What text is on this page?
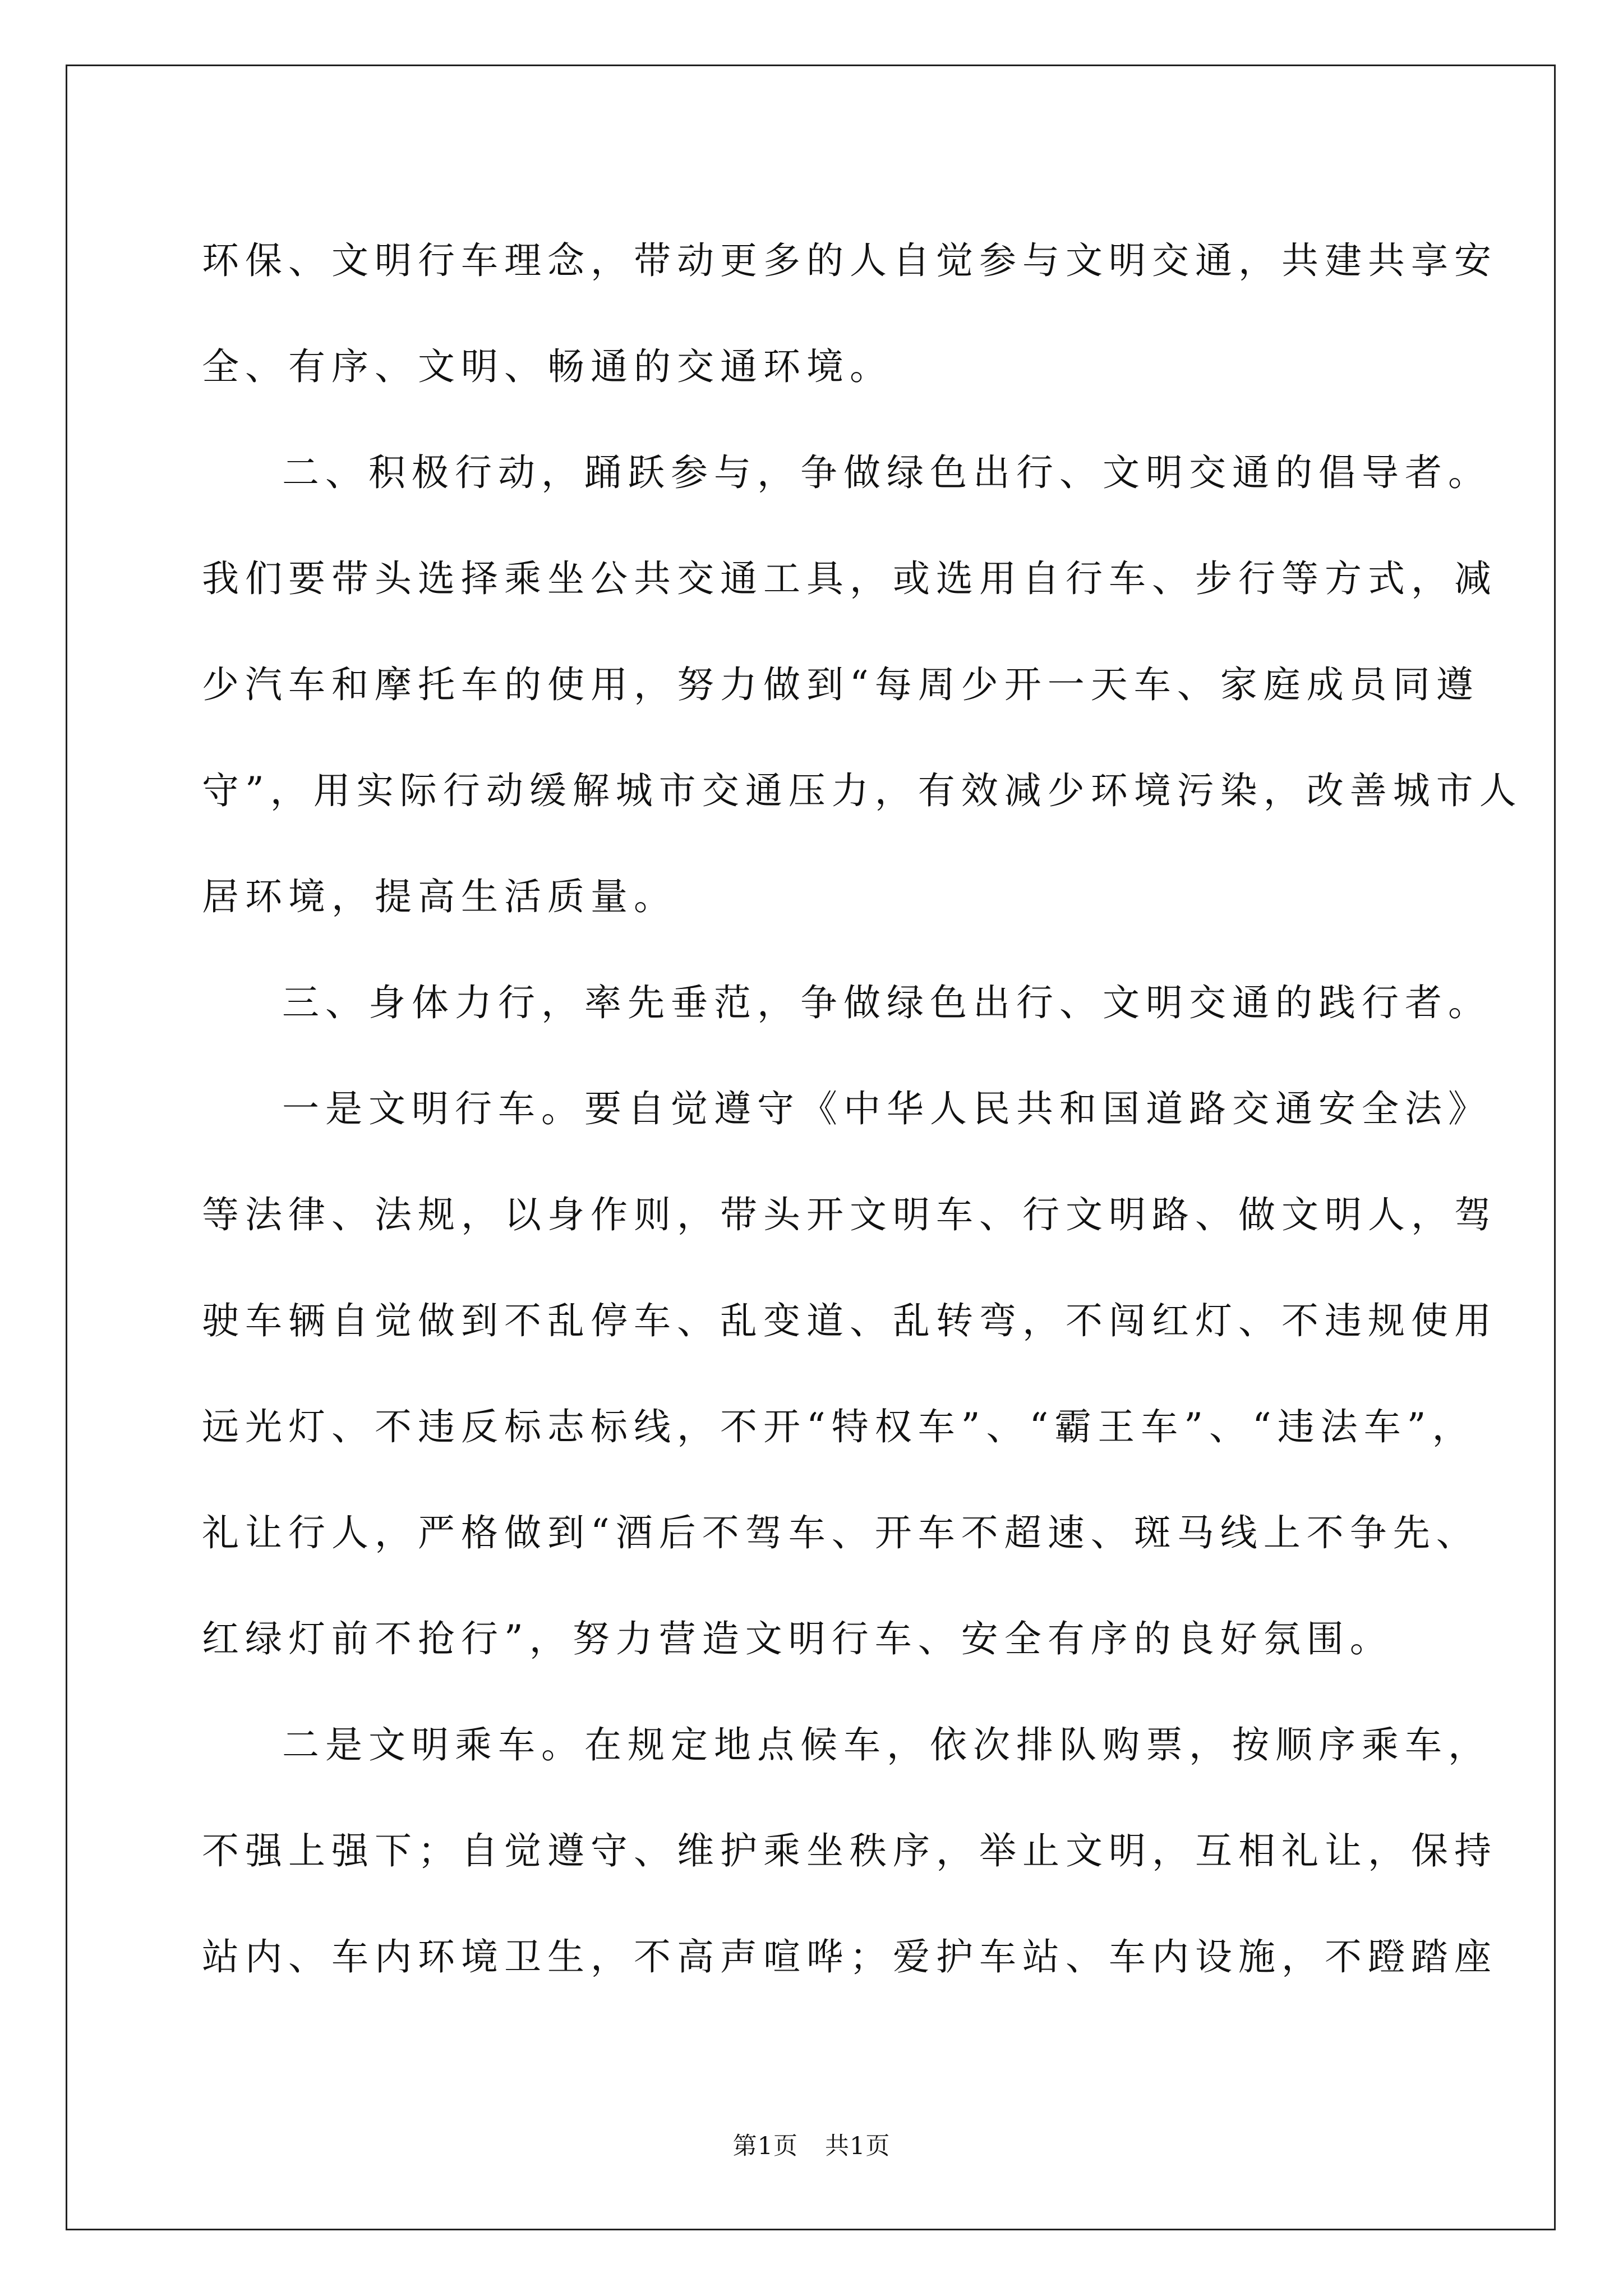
环保、文明行车理念，带动更多的人自觉参与文明交通，共建共享安
全、有序、文明、畅通的交通环境。
二、积极行动，踊跃参与，争做绿色出行、文明交通的倡导者。
我们要带头选择乘坐公共交通工具，或选用自行车、步行等方式，减
少汽车和摩托车的使用，努力做到“每周少开一天车、家庭成员同遵
守”，用实际行动缓解城市交通压力，有效减少环境污染，改善城市人
居环境，提高生活质量。
三、身体力行，率先垂范，争做绿色出行、文明交通的践行者。
一是文明行车。要自觉遵守《中华人民共和国道路交通安全法》
等法律、法规，以身作则，带头开文明车、行文明路、做文明人，驾
驶车辆自觉做到不乱停车、乱变道、乱转弯，不闯红灯、不违规使用
远光灯、不违反标志标线，不开“特权车”、“霸王车”、“违法车”，
礼让行人，严格做到“酒后不驾车、开车不超速、斑马线上不争先、
红绿灯前不抢行”，努力营造文明行车、安全有序的良好氛围。
二是文明乘车。在规定地点候车，依次排队购票，按顺序乘车，
不强上强下；自觉遵守、维护乘坐秩序，举止文明，互相礼让，保持
站内、车内环境卫生，不高声喧哗；爱护车站、车内设施，不蹬踏座
第1页 共1页
